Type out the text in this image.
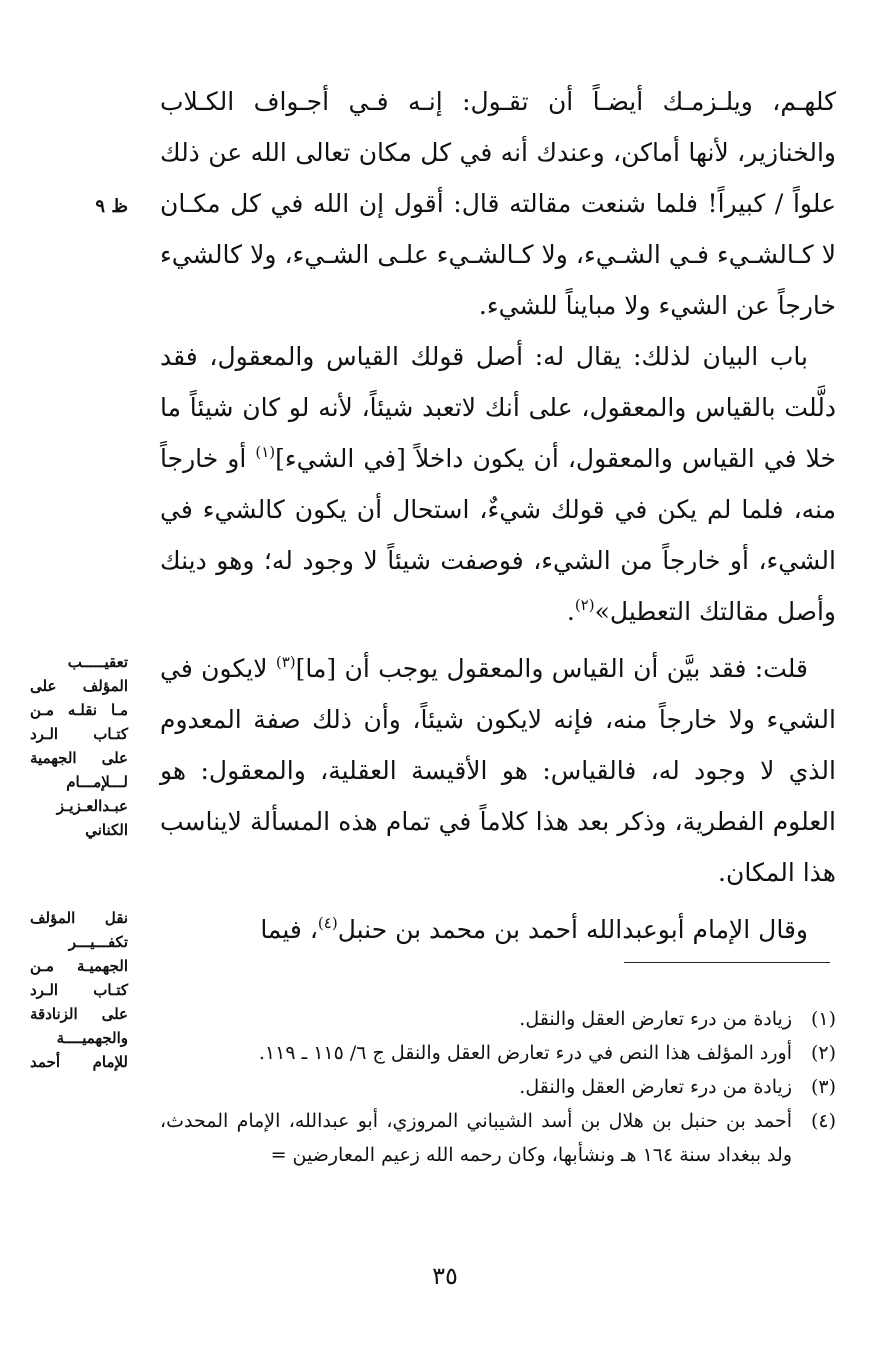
ظ ٩
تعقيـــــب المؤلف على مـا نقلـه مـن كتـاب الـرد على الجهمية لـــلإمـــام عبـدالعـزيـز الكناني
نقل المؤلف تكفـــيـــر الجهميـة مـن كتـاب الـرد على الزنادقة والجهميــــة للإمام أحمد

كلهـم، ويلـزمـك أيضـاً أن تقـول: إنـه فـي أجـواف الكـلاب والخنازير، لأنها أماكن، وعندك أنه في كل مكان تعالى الله عن ذلك علواً / كبيراً! فلما شنعت مقالته قال: أقول إن الله في كل مكـان لا كـالشـيء فـي الشـيء، ولا كـالشـيء علـى الشـيء، ولا كالشيء خارجاً عن الشيء ولا مبايناً للشيء.

باب البيان لذلك: يقال له: أصل قولك القياس والمعقول، فقد دلَّلت بالقياس والمعقول، على أنك لاتعبد شيئاً، لأنه لو كان شيئاً ما خلا في القياس والمعقول، أن يكون داخلاً [في الشيء]$^{(١)}$ أو خارجاً منه، فلما لم يكن في قولك شيءٌ، استحال أن يكون كالشيء في الشيء، أو خارجاً من الشيء، فوصفت شيئاً لا وجود له؛ وهو دينك وأصل مقالتك التعطيل»$^{(٢)}$.

قلت: فقد بيَّن أن القياس والمعقول يوجب أن [ما]$^{(٣)}$ لايكون في الشيء ولا خارجاً منه، فإنه لايكون شيئاً، وأن ذلك صفة المعدوم الذي لا وجود له، فالقياس: هو الأقيسة العقلية، والمعقول: هو العلوم الفطرية، وذكر بعد هذا كلاماً في تمام هذه المسألة لايناسب هذا المكان.

وقال الإمام أبوعبدالله أحمد بن محمد بن حنبل$^{(٤)}$، فيما

(١)
زيادة من درء تعارض العقل والنقل.
(٢)
أورد المؤلف هذا النص في درء تعارض العقل والنقل ج ٦/ ١١٥ ـ ١١٩.
(٣)
زيادة من درء تعارض العقل والنقل.
(٤)
أحمد بن حنبل بن هلال بن أسد الشيباني المروزي، أبو عبدالله، الإمام المحدث، ولد ببغداد سنة ١٦٤ هـ ونشأبها، وكان رحمه الله زعيم المعارضين =
٣٥
